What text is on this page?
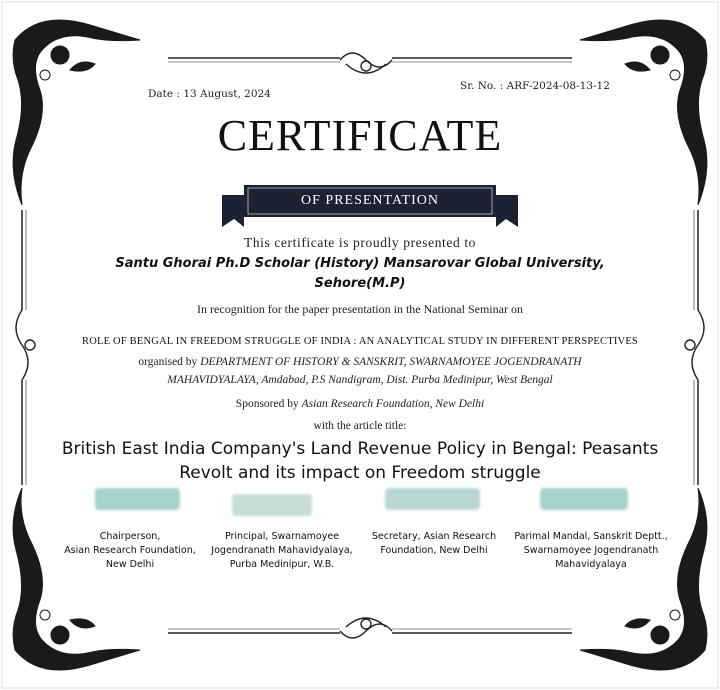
Date : 13 August, 2024
Sr. No. : ARF-2024-08-13-12
CERTIFICATE
OF PRESENTATION
This certificate is proudly presented to
Santu Ghorai Ph.D Scholar (History) Mansarovar Global University,
Sehore(M.P)
In recognition for the paper presentation in the National Seminar on
ROLE OF BENGAL IN FREEDOM STRUGGLE OF INDIA : AN ANALYTICAL STUDY IN DIFFERENT PERSPECTIVES
organised by DEPARTMENT OF HISTORY & SANSKRIT, SWARNAMOYEE JOGENDRANATH
MAHAVIDYALAYA, Amdabad, P.S Nandigram, Dist. Purba Medinipur, West Bengal
Sponsored by Asian Research Foundation, New Delhi
with the article title:
British East India Company's Land Revenue Policy in Bengal: Peasants
Revolt and its impact on Freedom struggle
Chairperson,
Asian Research Foundation,
New Delhi
Principal, Swarnamoyee
Jogendranath Mahavidyalaya,
Purba Medinipur, W.B.
Secretary, Asian Research
Foundation, New Delhi
Parimal Mandal, Sanskrit Deptt.,
Swarnamoyee Jogendranath
Mahavidyalaya
